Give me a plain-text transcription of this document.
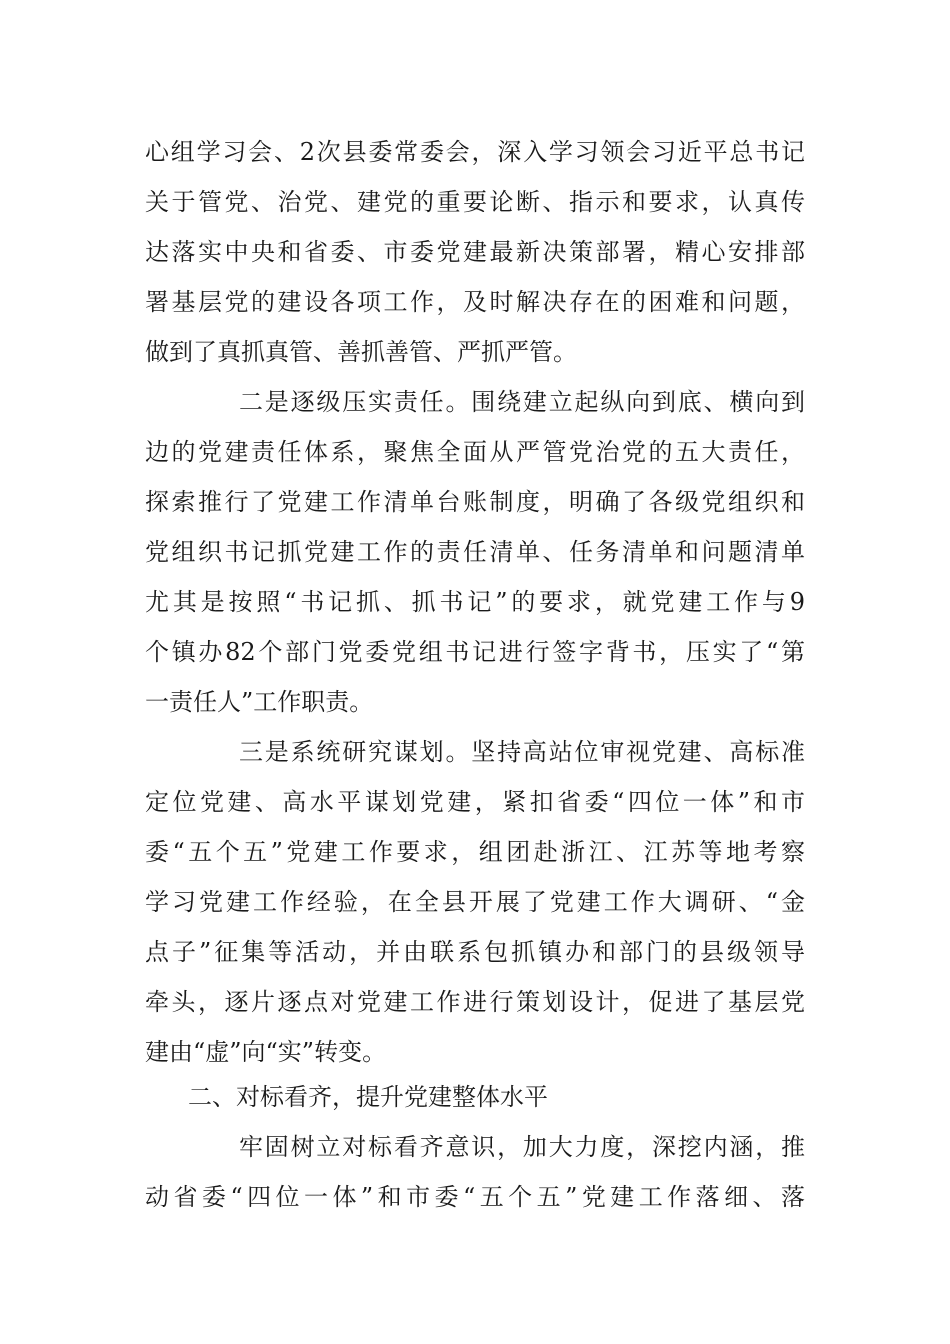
心组学习会、2次县委常委会，深入学习领会习近平总书记
关于管党、治党、建党的重要论断、指示和要求，认真传
达落实中央和省委、市委党建最新决策部署，精心安排部
署基层党的建设各项工作，及时解决存在的困难和问题，
做到了真抓真管、善抓善管、严抓严管。
二是逐级压实责任。围绕建立起纵向到底、横向到
边的党建责任体系，聚焦全面从严管党治党的五大责任，
探索推行了党建工作清单台账制度，明确了各级党组织和
党组织书记抓党建工作的责任清单、任务清单和问题清单
尤其是按照“书记抓、抓书记”的要求，就党建工作与9
个镇办82个部门党委党组书记进行签字背书，压实了“第
一责任人”工作职责。
三是系统研究谋划。坚持高站位审视党建、高标准
定位党建、高水平谋划党建，紧扣省委“四位一体”和市
委“五个五”党建工作要求，组团赴浙江、江苏等地考察
学习党建工作经验，在全县开展了党建工作大调研、“金
点子”征集等活动，并由联系包抓镇办和部门的县级领导
牵头，逐片逐点对党建工作进行策划设计，促进了基层党
建由“虚”向“实”转变。
二、对标看齐，提升党建整体水平
牢固树立对标看齐意识，加大力度，深挖内涵，推
动省委“四位一体”和市委“五个五”党建工作落细、落
